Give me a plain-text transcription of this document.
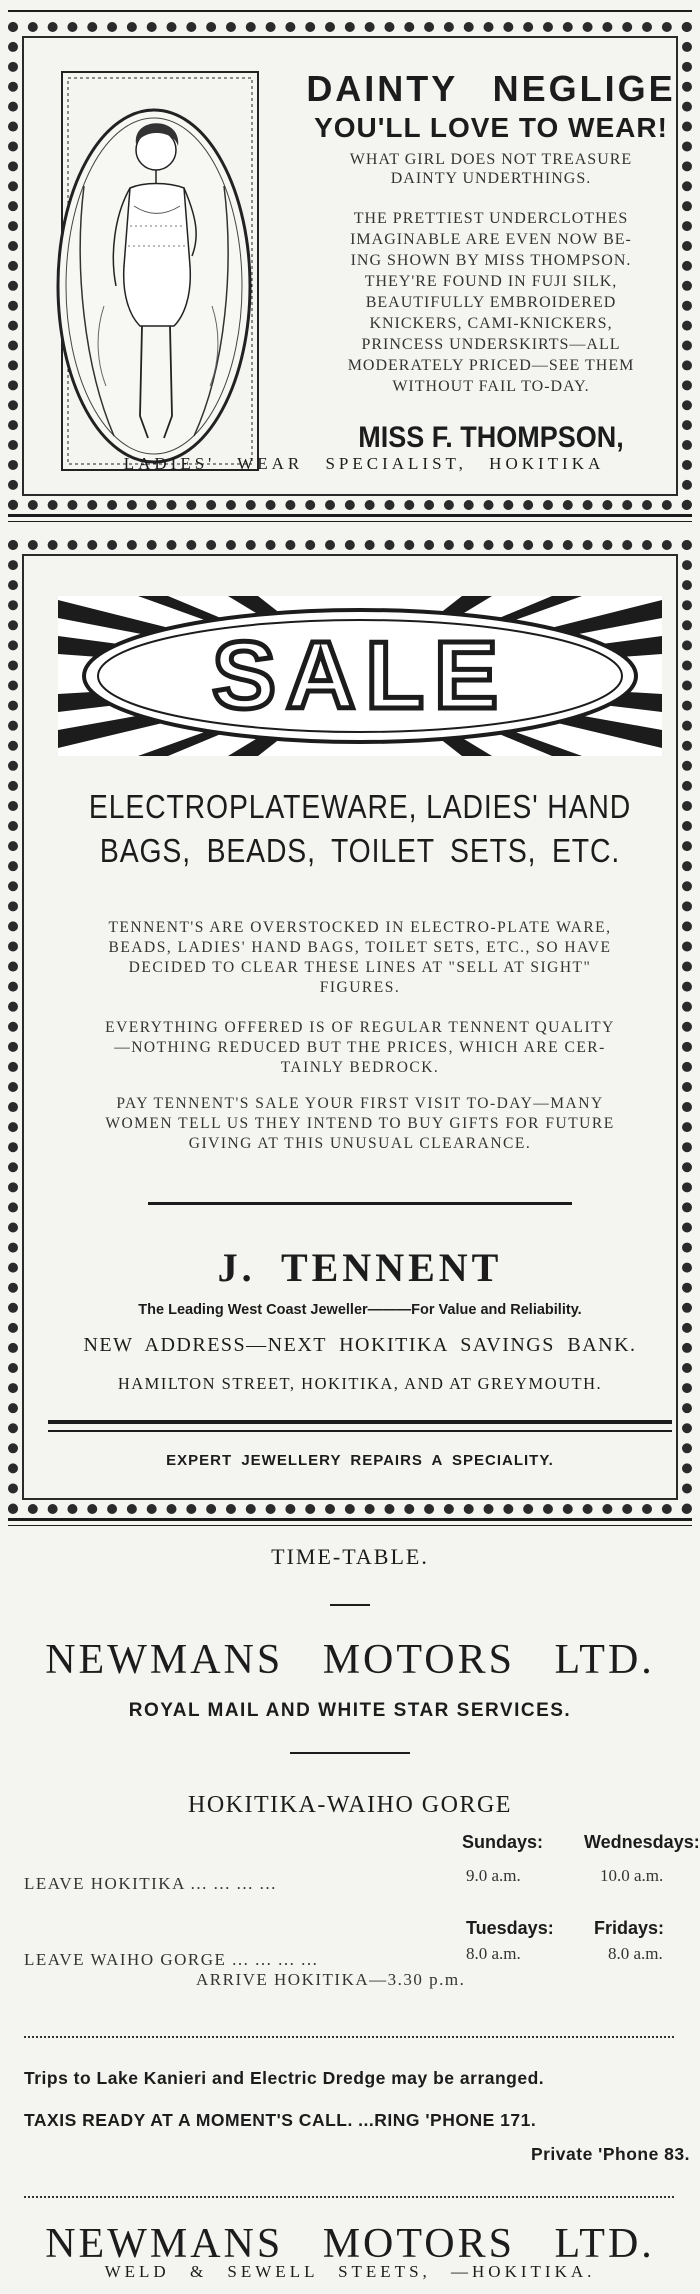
DAINTY NEGLIGE
YOU'LL LOVE TO WEAR!
WHAT GIRL DOES NOT TREASURE
DAINTY UNDERTHINGS.
THE PRETTIEST UNDERCLOTHES
IMAGINABLE ARE EVEN NOW BE-
ING SHOWN BY MISS THOMPSON.
THEY'RE FOUND IN FUJI SILK,
BEAUTIFULLY EMBROIDERED
KNICKERS, CAMI-KNICKERS,
PRINCESS UNDERSKIRTS—ALL
MODERATELY PRICED—SEE THEM
WITHOUT FAIL TO-DAY.
MISS F. THOMPSON,
LADIES' WEAR SPECIALIST, HOKITIKA
SALE
ELECTROPLATEWARE, LADIES' HAND
BAGS, BEADS, TOILET SETS, ETC.
TENNENT'S ARE OVERSTOCKED IN ELECTRO-PLATE WARE,
BEADS, LADIES' HAND BAGS, TOILET SETS, ETC., SO HAVE
DECIDED TO CLEAR THESE LINES AT "SELL AT SIGHT"
FIGURES.
EVERYTHING OFFERED IS OF REGULAR TENNENT QUALITY
—NOTHING REDUCED BUT THE PRICES, WHICH ARE CER-
TAINLY BEDROCK.
PAY TENNENT'S SALE YOUR FIRST VISIT TO-DAY—MANY
WOMEN TELL US THEY INTEND TO BUY GIFTS FOR FUTURE
GIVING AT THIS UNUSUAL CLEARANCE.
J. TENNENT
The Leading West Coast Jeweller———For Value and Reliability.
NEW ADDRESS—NEXT HOKITIKA SAVINGS BANK.
HAMILTON STREET, HOKITIKA, AND AT GREYMOUTH.
EXPERT JEWELLERY REPAIRS A SPECIALITY.
TIME-TABLE.
NEWMANS MOTORS LTD.
ROYAL MAIL AND WHITE STAR SERVICES.
HOKITIKA-WAIHO GORGE
Sundays: Wednesdays:
LEAVE HOKITIKA ... ... ... ...	9.0 a.m.	10.0 a.m.
Tuesdays: Fridays:
LEAVE WAIHO GORGE ... ... ... ...	8.0 a.m.	8.0 a.m.
ARRIVE HOKITIKA—3.30 p.m.
Trips to Lake Kanieri and Electric Dredge may be arranged.
TAXIS READY AT A MOMENT'S CALL. ...RING 'PHONE 171.
Private 'Phone 83.
NEWMANS MOTORS LTD.
WELD & SEWELL STEETS, —HOKITIKA.
